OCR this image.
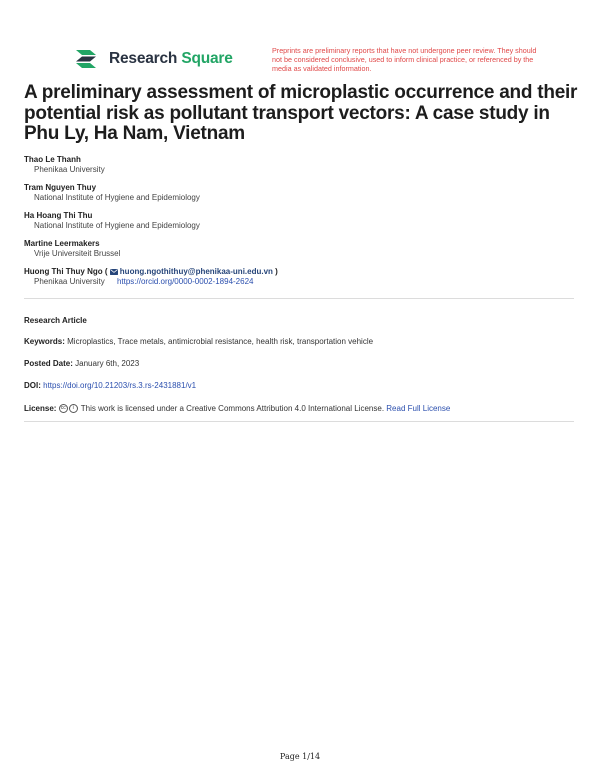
Research Square	Preprints are preliminary reports that have not undergone peer review. They should not be considered conclusive, used to inform clinical practice, or referenced by the media as validated information.
A preliminary assessment of microplastic occurrence and their potential risk as pollutant transport vectors: A case study in Phu Ly, Ha Nam, Vietnam
Thao Le Thanh
Phenikaa University
Tram Nguyen Thuy
National Institute of Hygiene and Epidemiology
Ha Hoang Thi Thu
National Institute of Hygiene and Epidemiology
Martine Leermakers
Vrije Universiteit Brussel
Huong Thi Thuy Ngo ( huong.ngothithuy@phenikaa-uni.edu.vn )
Phenikaa University https://orcid.org/0000-0002-1894-2624
Research Article
Keywords: Microplastics, Trace metals, antimicrobial resistance, health risk, transportation vehicle
Posted Date: January 6th, 2023
DOI: https://doi.org/10.21203/rs.3.rs-2431881/v1
License: cc i This work is licensed under a Creative Commons Attribution 4.0 International License. Read Full License
Page 1/14
